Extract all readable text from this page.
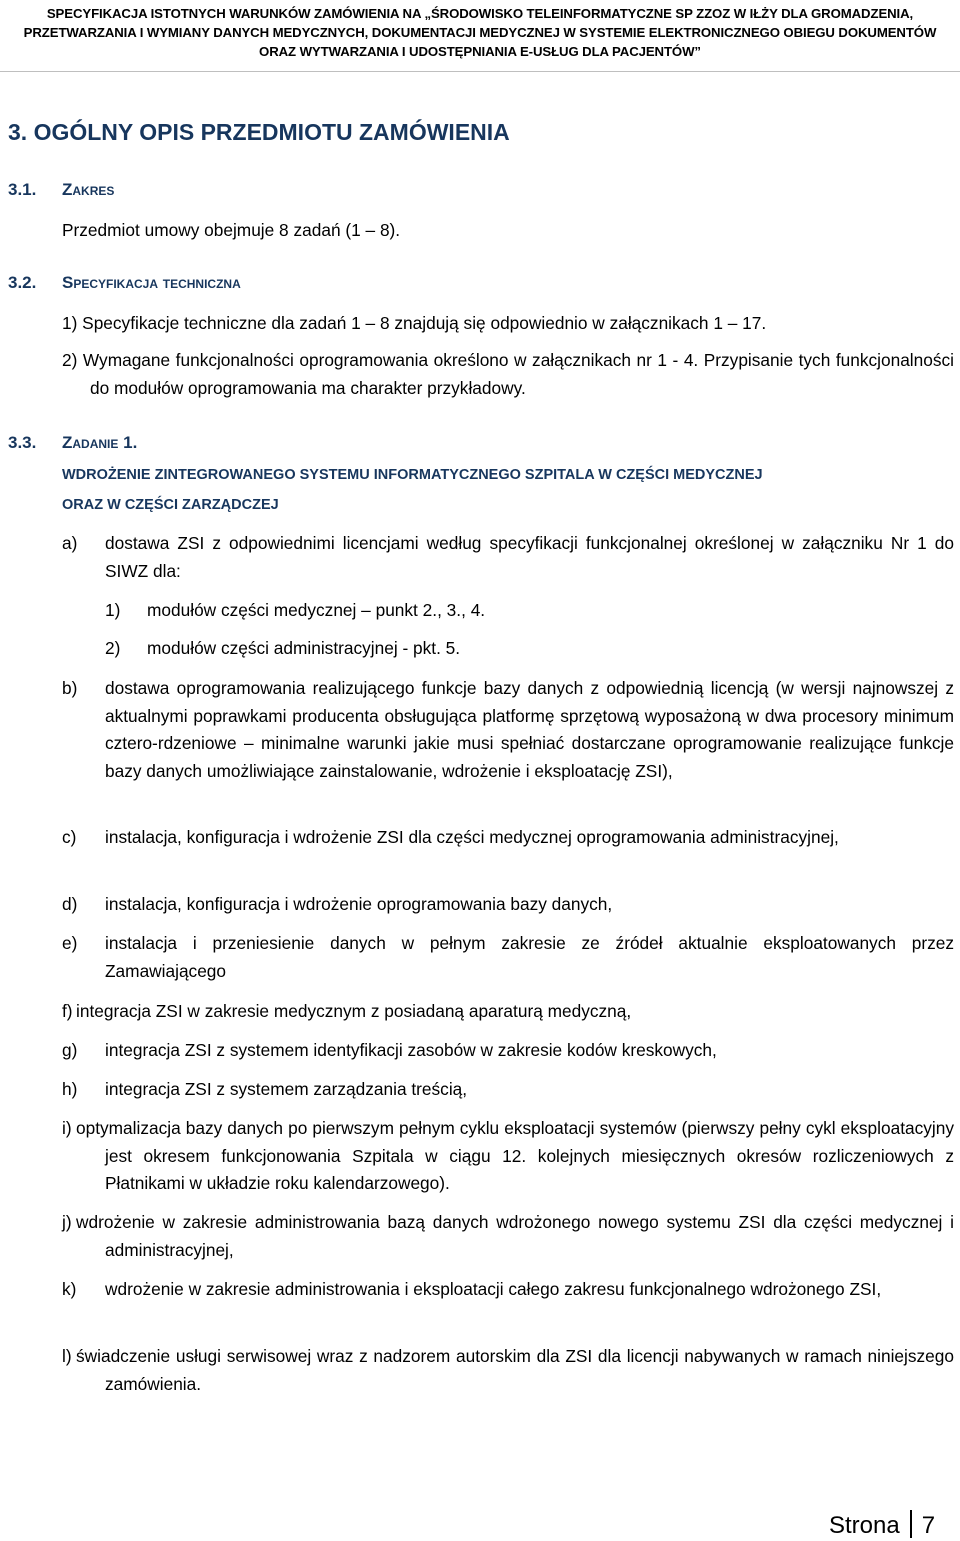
SPECYFIKACJA ISTOTNYCH WARUNKÓW ZAMÓWIENIA NA „ŚRODOWISKO TELEINFORMATYCZNE SP ZZOZ W IŁŻY DLA GROMADZENIA,
PRZETWARZANIA I WYMIANY DANYCH MEDYCZNYCH, DOKUMENTACJI MEDYCZNEJ W SYSTEMIE ELEKTRONICZNEGO OBIEGU DOKUMENTÓW
ORAZ WYTWARZANIA I UDOSTĘPNIANIA E-USŁUG DLA PACJENTÓW”
3. OGÓLNY OPIS PRZEDMIOTU ZAMÓWIENIA
3.1. Zakres
Przedmiot umowy obejmuje 8 zadań (1 – 8).
3.2. Specyfikacja techniczna
1) Specyfikacje techniczne dla zadań 1 – 8 znajdują się odpowiednio w załącznikach 1 – 17.
2) Wymagane funkcjonalności oprogramowania określono w załącznikach nr 1 - 4. Przypisanie tych funkcjonalności do modułów oprogramowania ma charakter przykładowy.
3.3. Zadanie 1.
WDROŻENIE ZINTEGROWANEGO SYSTEMU INFORMATYCZNEGO SZPITALA W CZĘŚCI MEDYCZNEJ
ORAZ W CZĘŚCI ZARZĄDCZEJ
a) dostawa ZSI z odpowiednimi licencjami według specyfikacji funkcjonalnej określonej w załączniku Nr 1 do SIWZ dla:
1) modułów części medycznej – punkt 2., 3., 4.
2) modułów części administracyjnej - pkt. 5.
b) dostawa oprogramowania realizującego funkcje bazy danych z odpowiednią licencją (w wersji najnowszej z aktualnymi poprawkami producenta obsługująca platformę sprzętową wyposażoną w dwa procesory minimum cztero-rdzeniowe – minimalne warunki jakie musi spełniać dostarczane oprogramowanie realizujące funkcje bazy danych umożliwiające zainstalowanie, wdrożenie i eksploatację ZSI),
c) instalacja, konfiguracja i wdrożenie ZSI dla części medycznej oprogramowania administracyjnej,
d) instalacja, konfiguracja i wdrożenie oprogramowania bazy danych,
e) instalacja i przeniesienie danych w pełnym zakresie ze źródeł aktualnie eksploatowanych przez Zamawiającego
f) integracja ZSI w zakresie medycznym z posiadaną aparaturą medyczną,
g) integracja ZSI z systemem identyfikacji zasobów w zakresie kodów kreskowych,
h) integracja ZSI z systemem zarządzania treścią,
i) optymalizacja bazy danych po pierwszym pełnym cyklu eksploatacji systemów (pierwszy pełny cykl eksploatacyjny jest okresem funkcjonowania Szpitala w ciągu 12. kolejnych miesięcznych okresów rozliczeniowych z Płatnikami w układzie roku kalendarzowego).
j) wdrożenie w zakresie administrowania bazą danych wdrożonego nowego systemu ZSI dla części medycznej i administracyjnej,
k) wdrożenie w zakresie administrowania i eksploatacji całego zakresu funkcjonalnego wdrożonego ZSI,
l) świadczenie usługi serwisowej wraz z nadzorem autorskim dla ZSI dla licencji nabywanych w ramach niniejszego zamówienia.
Strona 7
